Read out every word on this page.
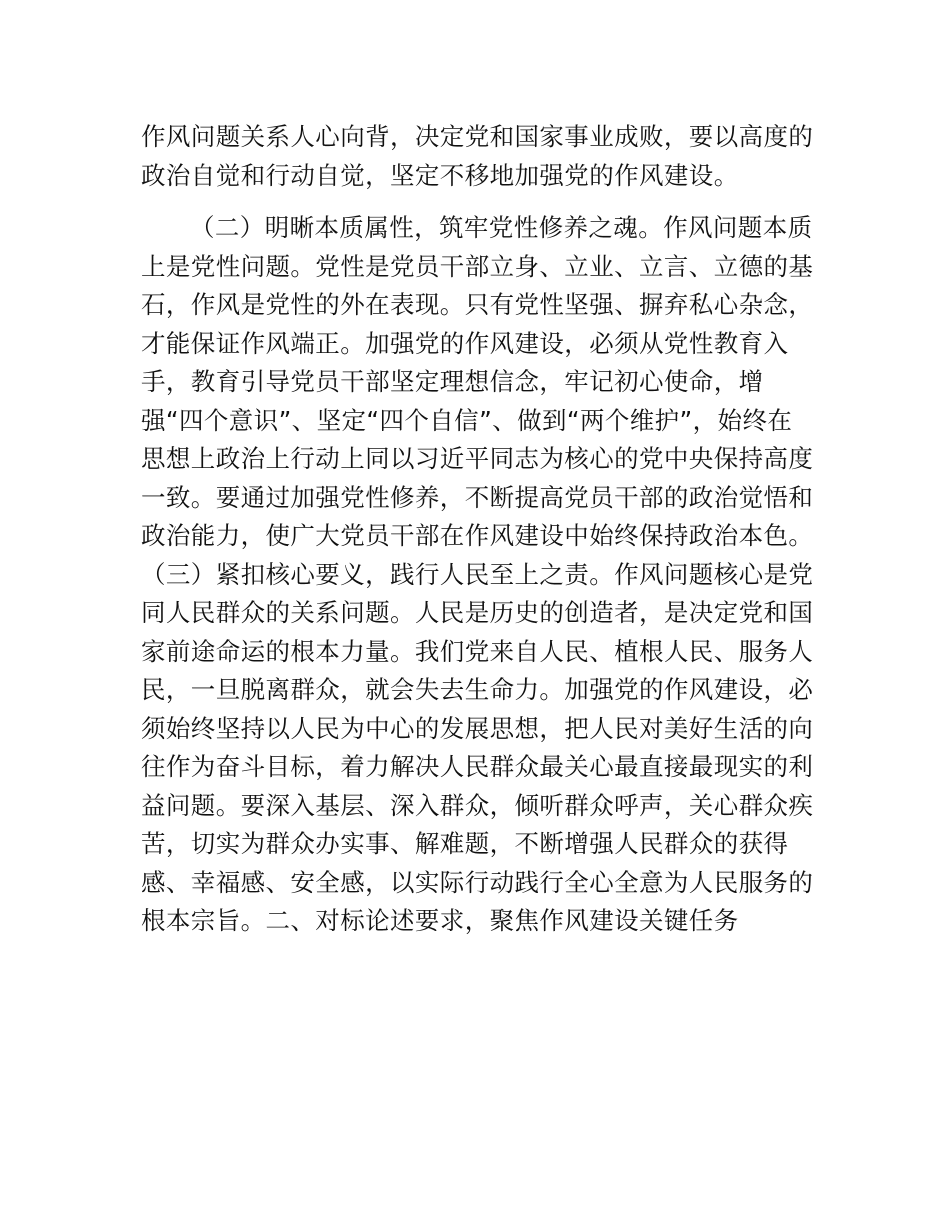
作风问题关系人心向背，决定党和国家事业成败，要以高度的
政治自觉和行动自觉，坚定不移地加强党的作风建设。
（二）明晰本质属性，筑牢党性修养之魂。作风问题本质
上是党性问题。党性是党员干部立身、立业、立言、立德的基
石，作风是党性的外在表现。只有党性坚强、摒弃私心杂念，
才能保证作风端正。加强党的作风建设，必须从党性教育入
手，教育引导党员干部坚定理想信念，牢记初心使命，增
强“四个意识”、坚定“四个自信”、做到“两个维护”，始终在
思想上政治上行动上同以习近平同志为核心的党中央保持高度
一致。要通过加强党性修养，不断提高党员干部的政治觉悟和
政治能力，使广大党员干部在作风建设中始终保持政治本色。
（三）紧扣核心要义，践行人民至上之责。作风问题核心是党
同人民群众的关系问题。人民是历史的创造者，是决定党和国
家前途命运的根本力量。我们党来自人民、植根人民、服务人
民，一旦脱离群众，就会失去生命力。加强党的作风建设，必
须始终坚持以人民为中心的发展思想，把人民对美好生活的向
往作为奋斗目标，着力解决人民群众最关心最直接最现实的利
益问题。要深入基层、深入群众，倾听群众呼声，关心群众疾
苦，切实为群众办实事、解难题，不断增强人民群众的获得
感、幸福感、安全感，以实际行动践行全心全意为人民服务的
根本宗旨。二、对标论述要求，聚焦作风建设关键任务
